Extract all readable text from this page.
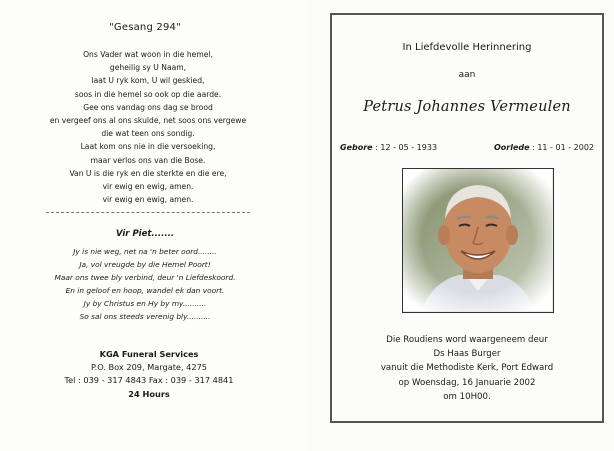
"Gesang 294"
Ons Vader wat woon in die hemel,
geheilig sy U Naam,
laat U ryk kom, U wil geskied,
soos in die hemel so ook op die aarde.
Gee ons vandag ons dag se brood
en vergeef ons al ons skulde, net soos ons vergewe
die wat teen ons sondig.
Laat kom ons nie in die versoeking,
maar verlos ons van die Bose.
Van U is die ryk en die sterkte en die ere,
vir ewig en ewig, amen.
vir ewig en ewig, amen.
Vir Piet.......
Jy is nie weg, net na 'n beter oord........
Ja, vol vreugde by die Hemel Poort!
Maar ons twee bly verbind, deur 'n Liefdeskoord.
En in geloof en hoop, wandel ek dan voort.
Jy by Christus en Hy by my..........
So sal ons steeds verenig bly..........
KGA Funeral Services
P.O. Box 209, Margate, 4275
Tel : 039 - 317 4843 Fax : 039 - 317 4841
24 Hours
In Liefdevolle Herinnering
aan
Petrus Johannes Vermeulen
Gebore : 12 - 05 - 1933	Oorlede : 11 - 01 - 2002
Die Roudiens word waargeneem deur
Ds Haas Burger
vanuit die Methodiste Kerk, Port Edward
op Woensdag, 16 Januarie 2002
om 10H00.
